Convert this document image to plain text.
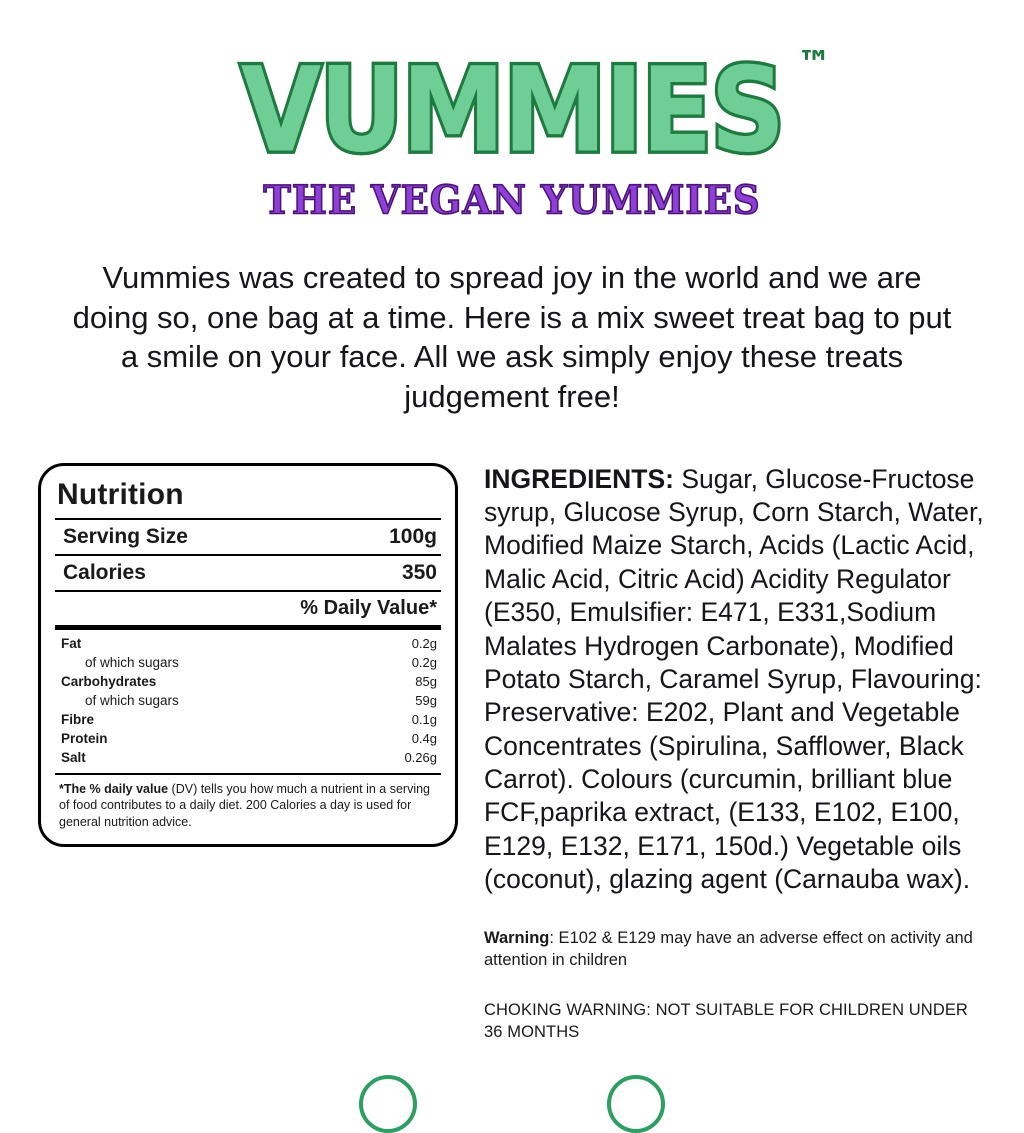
VUMMIES ™
THE VEGAN YUMMIES

Vummies was created to spread joy in the world and we are doing so, one bag at a time. Here is a mix sweet treat bag to put a smile on your face. All we ask simply enjoy these treats judgement free!

Nutrition
Serving Size	100g
Calories	350
% Daily Value*
Fat	0.2g
of which sugars	0.2g
Carbohydrates	85g
of which sugars	59g
Fibre	0.1g
Protein	0.4g
Salt	0.26g
*The % daily value (DV) tells you how much a nutrient in a serving of food contributes to a daily diet. 200 Calories a day is used for general nutrition advice.
INGREDIENTS: Sugar, Glucose-Fructose syrup, Glucose Syrup, Corn Starch, Water, Modified Maize Starch, Acids (Lactic Acid, Malic Acid, Citric Acid) Acidity Regulator (E350, Emulsifier: E471, E331,Sodium Malates Hydrogen Carbonate), Modified Potato Starch, Caramel Syrup, Flavouring: Preservative: E202, Plant and Vegetable Concentrates (Spirulina, Safflower, Black Carrot). Colours (curcumin, brilliant blue FCF,paprika extract, (E133, E102, E100, E129, E132, E171, 150d.) Vegetable oils (coconut), glazing agent (Carnauba wax).
Warning: E102 & E129 may have an adverse effect on activity and attention in children
CHOKING WARNING: NOT SUITABLE FOR CHILDREN UNDER 36 MONTHS
